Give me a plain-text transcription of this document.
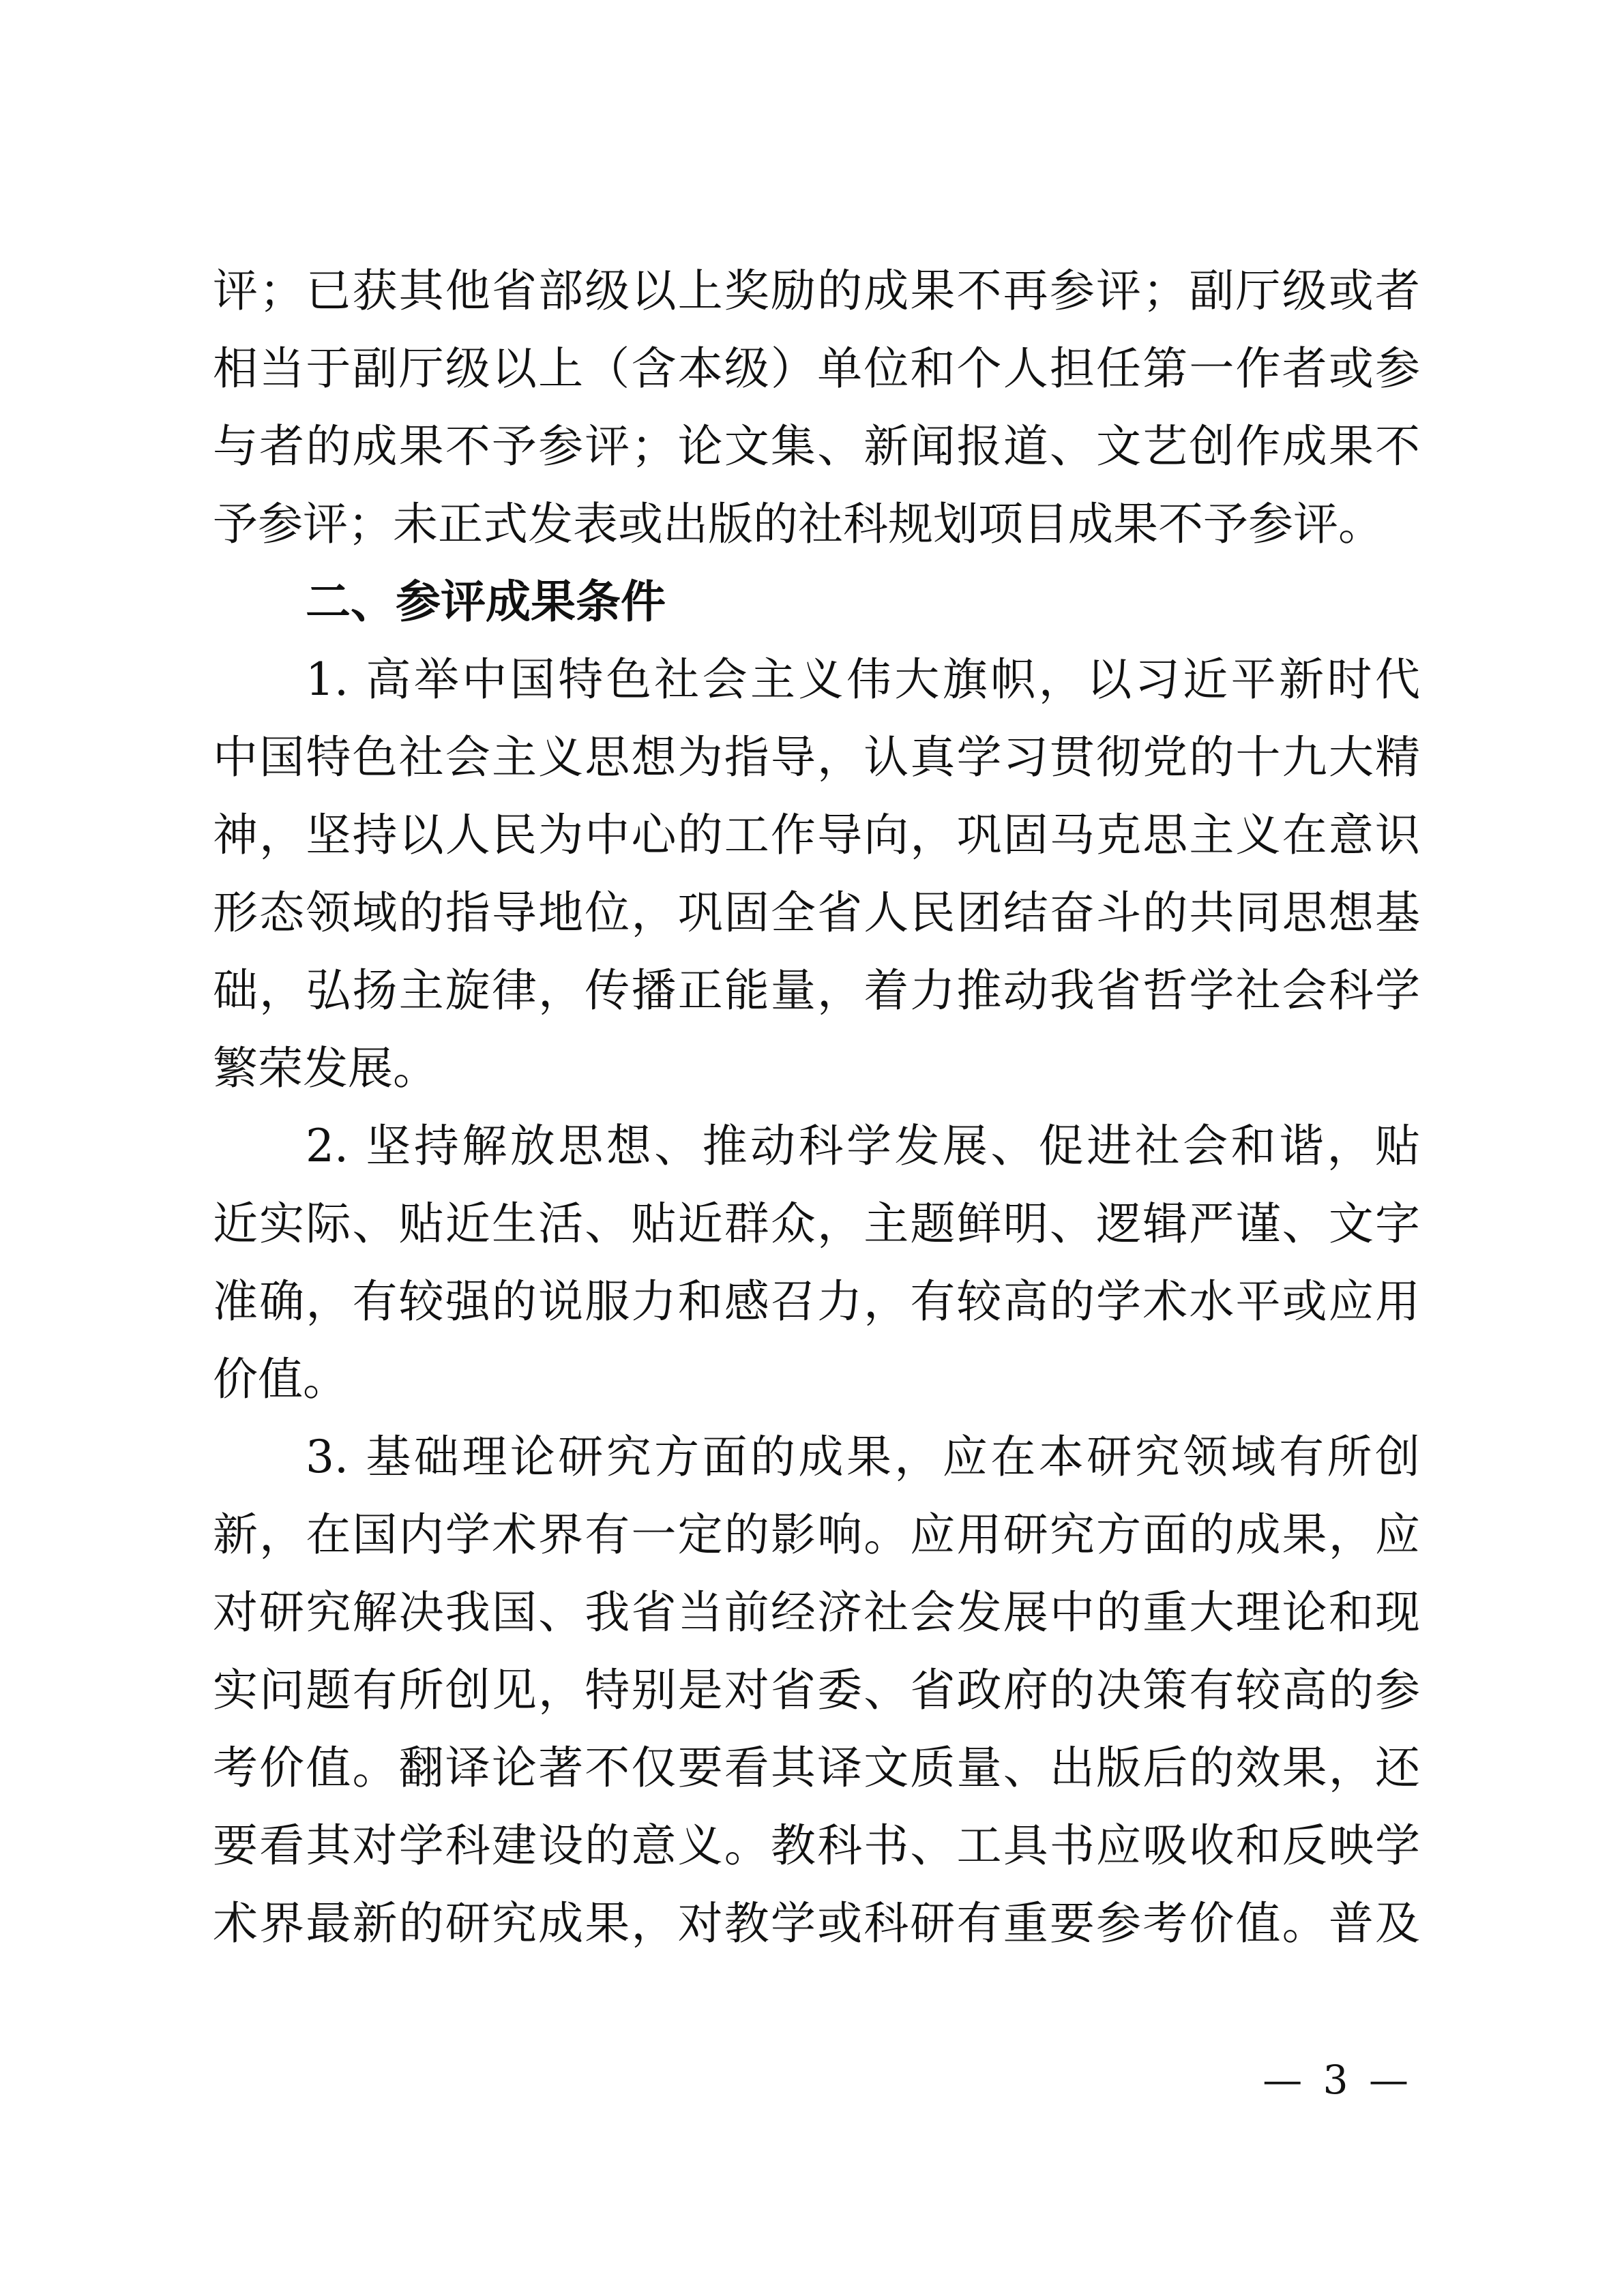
评；已获其他省部级以上奖励的成果不再参评；副厅级或者
相当于副厅级以上（含本级）单位和个人担任第一作者或参
与者的成果不予参评；论文集、新闻报道、文艺创作成果不
予参评；未正式发表或出版的社科规划项目成果不予参评。
二、参评成果条件
1. 高举中国特色社会主义伟大旗帜，以习近平新时代
中国特色社会主义思想为指导，认真学习贯彻党的十九大精
神，坚持以人民为中心的工作导向，巩固马克思主义在意识
形态领域的指导地位，巩固全省人民团结奋斗的共同思想基
础，弘扬主旋律，传播正能量，着力推动我省哲学社会科学
繁荣发展。
2. 坚持解放思想、推动科学发展、促进社会和谐，贴
近实际、贴近生活、贴近群众，主题鲜明、逻辑严谨、文字
准确，有较强的说服力和感召力，有较高的学术水平或应用
价值。
3. 基础理论研究方面的成果，应在本研究领域有所创
新，在国内学术界有一定的影响。应用研究方面的成果，应
对研究解决我国、我省当前经济社会发展中的重大理论和现
实问题有所创见，特别是对省委、省政府的决策有较高的参
考价值。翻译论著不仅要看其译文质量、出版后的效果，还
要看其对学科建设的意义。教科书、工具书应吸收和反映学
术界最新的研究成果，对教学或科研有重要参考价值。普及
— 3 —
